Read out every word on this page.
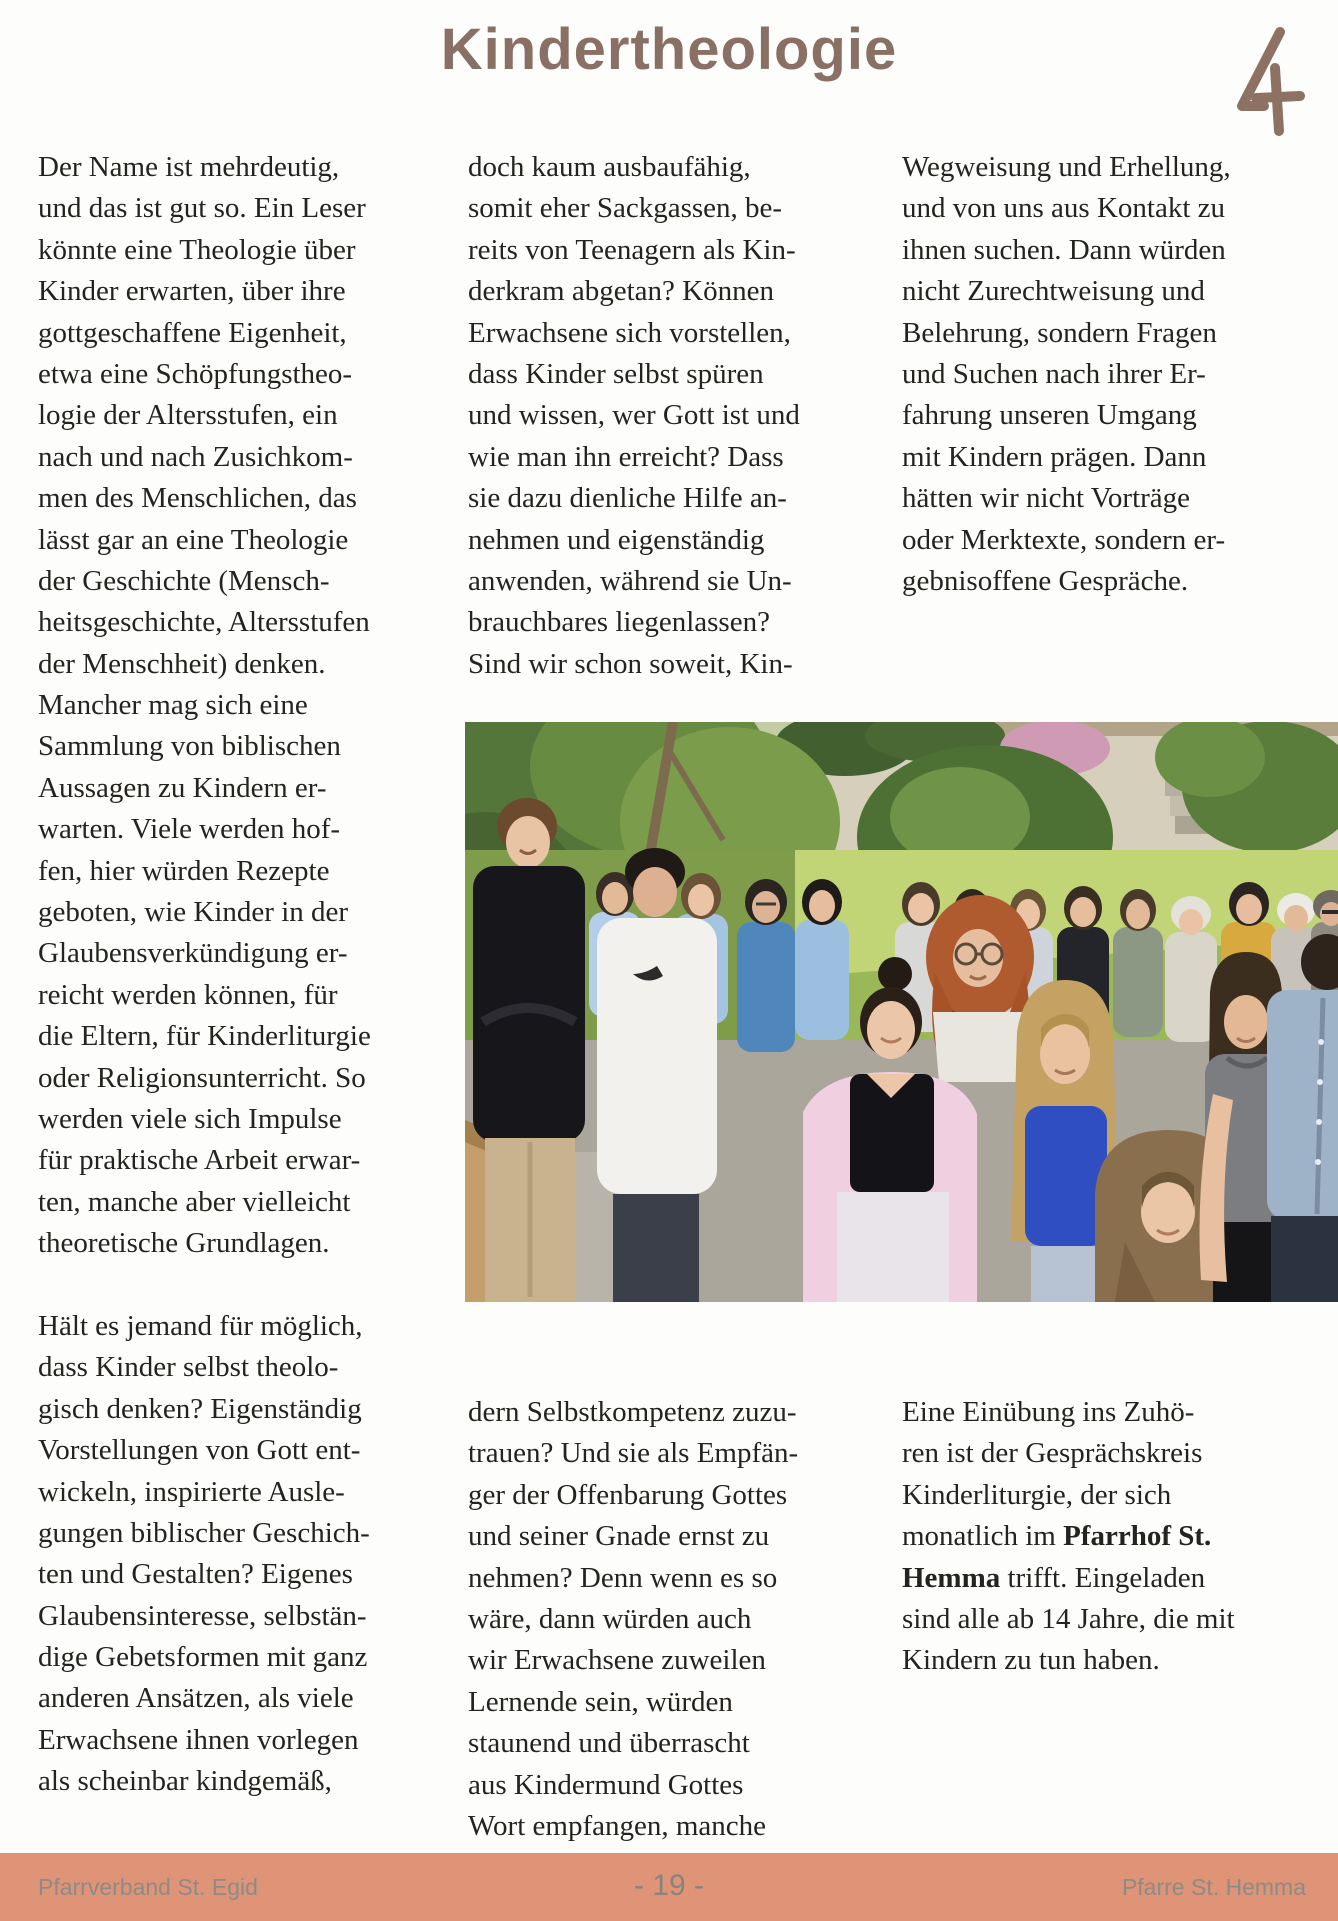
Kindertheologie
Der Name ist mehrdeutig,
und das ist gut so. Ein Leser
könnte eine Theologie über
Kinder erwarten, über ihre
gottgeschaffene Eigenheit,
etwa eine Schöpfungstheo-
logie der Altersstufen, ein
nach und nach Zusichkom-
men des Menschlichen, das
lässt gar an eine Theologie
der Geschichte (Mensch-
heitsgeschichte, Altersstufen
der Menschheit) denken.
Mancher mag sich eine
Sammlung von biblischen
Aussagen zu Kindern er-
warten. Viele werden hof-
fen, hier würden Rezepte
geboten, wie Kinder in der
Glaubensverkündigung er-
reicht werden können, für
die Eltern, für Kinderliturgie
oder Religionsunterricht. So
werden viele sich Impulse
für praktische Arbeit erwar-
ten, manche aber vielleicht
theoretische Grundlagen.
Hält es jemand für möglich,
dass Kinder selbst theolo-
gisch denken? Eigenständig
Vorstellungen von Gott ent-
wickeln, inspirierte Ausle-
gungen biblischer Geschich-
ten und Gestalten? Eigenes
Glaubensinteresse, selbstän-
dige Gebetsformen mit ganz
anderen Ansätzen, als viele
Erwachsene ihnen vorlegen
als scheinbar kindgemäß,
doch kaum ausbaufähig,
somit eher Sackgassen, be-
reits von Teenagern als Kin-
derkram abgetan? Können
Erwachsene sich vorstellen,
dass Kinder selbst spüren
und wissen, wer Gott ist und
wie man ihn erreicht? Dass
sie dazu dienliche Hilfe an-
nehmen und eigenständig
anwenden, während sie Un-
brauchbares liegenlassen?
Sind wir schon soweit, Kin-
Wegweisung und Erhellung,
und von uns aus Kontakt zu
ihnen suchen. Dann würden
nicht Zurechtweisung und
Belehrung, sondern Fragen
und Suchen nach ihrer Er-
fahrung unseren Umgang
mit Kindern prägen. Dann
hätten wir nicht Vorträge
oder Merktexte, sondern er-
gebnisoffene Gespräche.
dern Selbstkompetenz zuzu-
trauen? Und sie als Empfän-
ger der Offenbarung Gottes
und seiner Gnade ernst zu
nehmen? Denn wenn es so
wäre, dann würden auch
wir Erwachsene zuweilen
Lernende sein, würden
staunend und überrascht
aus Kindermund Gottes
Wort empfangen, manche
Eine Einübung ins Zuhö-
ren ist der Gesprächskreis
Kinderliturgie, der sich
monatlich im Pfarrhof St.
Hemma trifft. Eingeladen
sind alle ab 14 Jahre, die mit
Kindern zu tun haben.
Pfarrverband St. Egid	- 19 -	Pfarre St. Hemma
